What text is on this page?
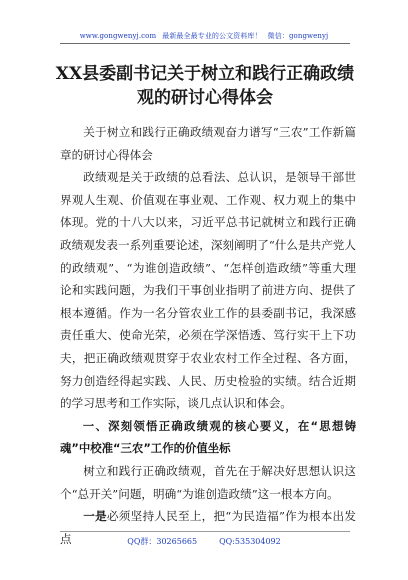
www.gongwenyj.com 最新最全最专业的公文资料库！ 微信：gongwenyj
XX县委副书记关于树立和践行正确政绩
观的研讨心得体会

关于树立和践行正确政绩观奋力谱写“三农”工作新篇章的研讨心得体会

政绩观是关于政绩的总看法、总认识，是领导干部世界观人生观、价值观在事业观、工作观、权力观上的集中体现。党的十八大以来，习近平总书记就树立和践行正确政绩观发表一系列重要论述，深刻阐明了“什么是共产党人的政绩观”、“为谁创造政绩”、“怎样创造政绩”等重大理论和实践问题，为我们干事创业指明了前进方向、提供了根本遵循。作为一名分管农业工作的县委副书记，我深感责任重大、使命光荣，必须在学深悟透、笃行实干上下功夫，把正确政绩观贯穿于农业农村工作全过程、各方面，努力创造经得起实践、人民、历史检验的实绩。结合近期的学习思考和工作实际，谈几点认识和体会。

一、深刻领悟正确政绩观的核心要义，在“思想铸魂”中校准“三农”工作的价值坐标

树立和践行正确政绩观，首先在于解决好思想认识这个“总开关”问题，明确“为谁创造政绩”这一根本方向。

一是必须坚持人民至上，把“为民造福”作为根本出发点	QQ群：30265665	QQ:535304092
